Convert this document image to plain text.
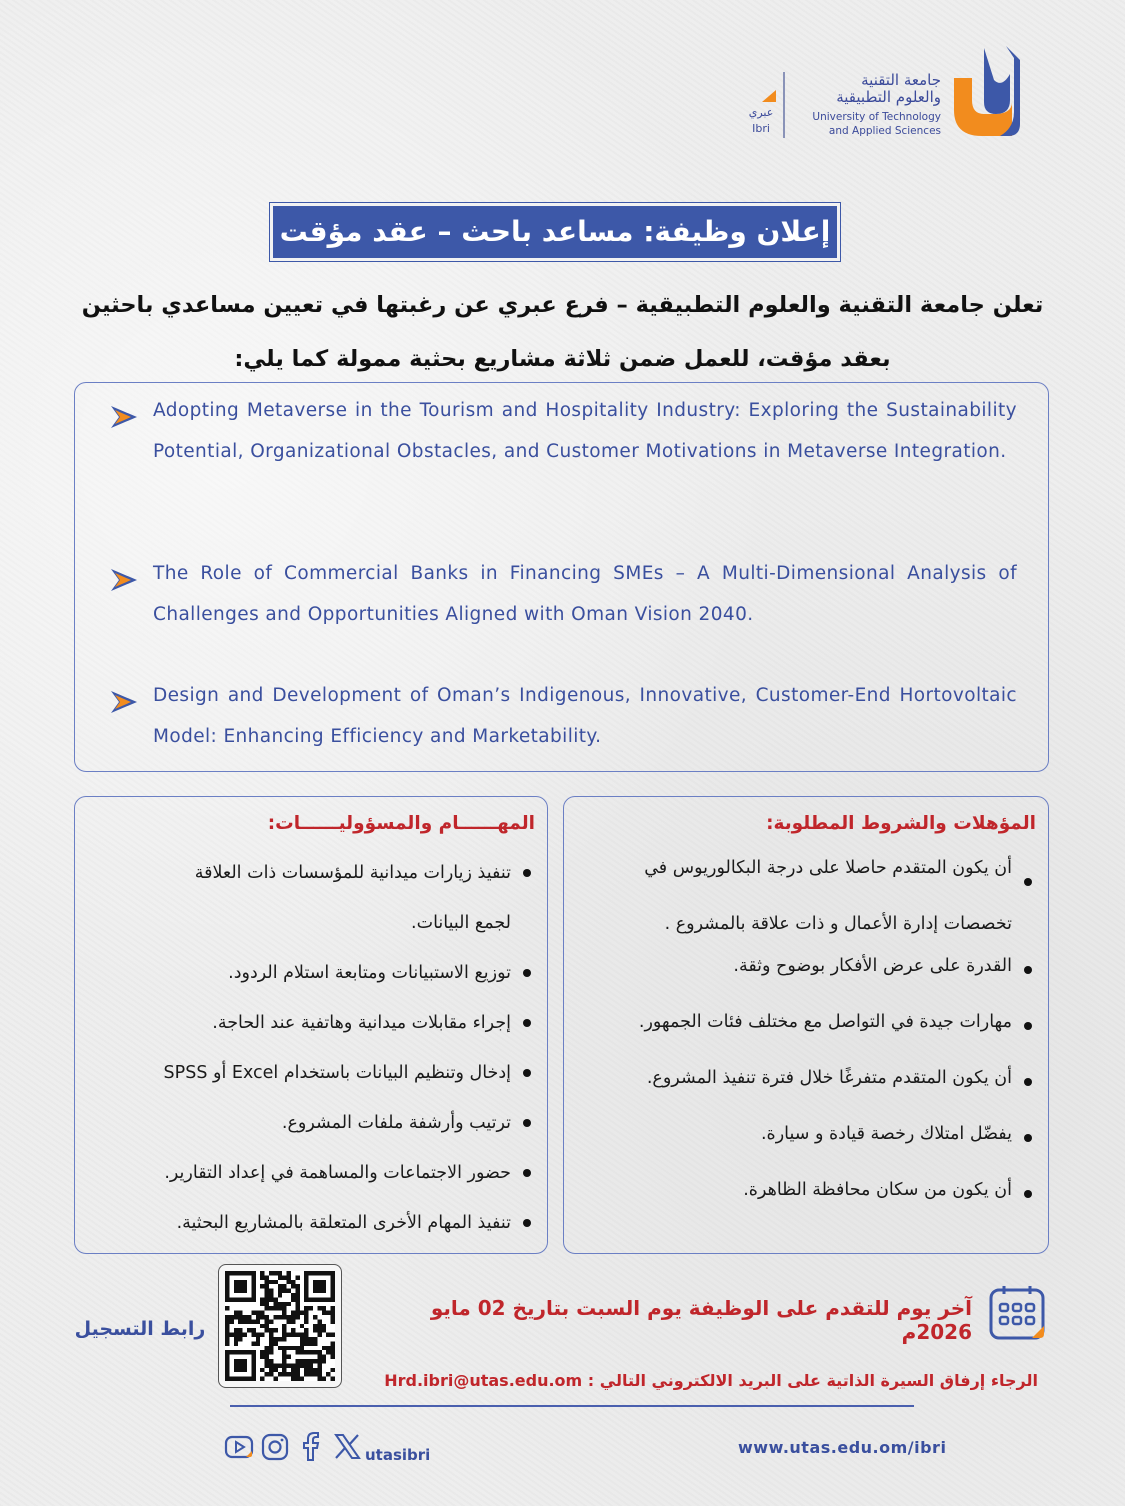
جامعة التقنية
والعلوم التطبيقية
University of Technology
and Applied Sciences
عبري
Ibri
إعلان وظيفة: مساعد باحث – عقد مؤقت
تعلن جامعة التقنية والعلوم التطبيقية – فرع عبري عن رغبتها في تعيين مساعدي باحثين
بعقد مؤقت، للعمل ضمن ثلاثة مشاريع بحثية ممولة كما يلي:
Adopting Metaverse in the Tourism and Hospitality Industry: Exploring the Sustainability Potential, Organizational Obstacles, and Customer Motivations in Metaverse Integration.
The Role of Commercial Banks in Financing SMEs – A Multi-Dimensional Analysis of Challenges and Opportunities Aligned with Oman Vision 2040.
Design and Development of Oman’s Indigenous, Innovative, Customer-End Hortovoltaic Model: Enhancing Efficiency and Marketability.
المؤهلات والشروط المطلوبة:
أن يكون المتقدم حاصلا على درجة البكالوريوس في
تخصصات إدارة الأعمال و ذات علاقة بالمشروع .
القدرة على عرض الأفكار بوضوح وثقة.
مهارات جيدة في التواصل مع مختلف فئات الجمهور.
أن يكون المتقدم متفرغًا خلال فترة تنفيذ المشروع.
يفضّل امتلاك رخصة قيادة و سيارة.
أن يكون من سكان محافظة الظاهرة.
المهــــــام والمسؤوليــــــات:
تنفيذ زيارات ميدانية للمؤسسات ذات العلاقة
لجمع البيانات.
توزيع الاستبيانات ومتابعة استلام الردود.
إجراء مقابلات ميدانية وهاتفية عند الحاجة.
إدخال وتنظيم البيانات باستخدام Excel أو SPSS
ترتيب وأرشفة ملفات المشروع.
حضور الاجتماعات والمساهمة في إعداد التقارير.
تنفيذ المهام الأخرى المتعلقة بالمشاريع البحثية.
آخر يوم للتقدم على الوظيفة يوم السبت بتاريخ 02 مايو 2026م
الرجاء إرفاق السيرة الذاتية على البريد الالكتروني التالي : Hrd.ibri@utas.edu.om
رابط التسجيل
utasibri	www.utas.edu.om/ibri
